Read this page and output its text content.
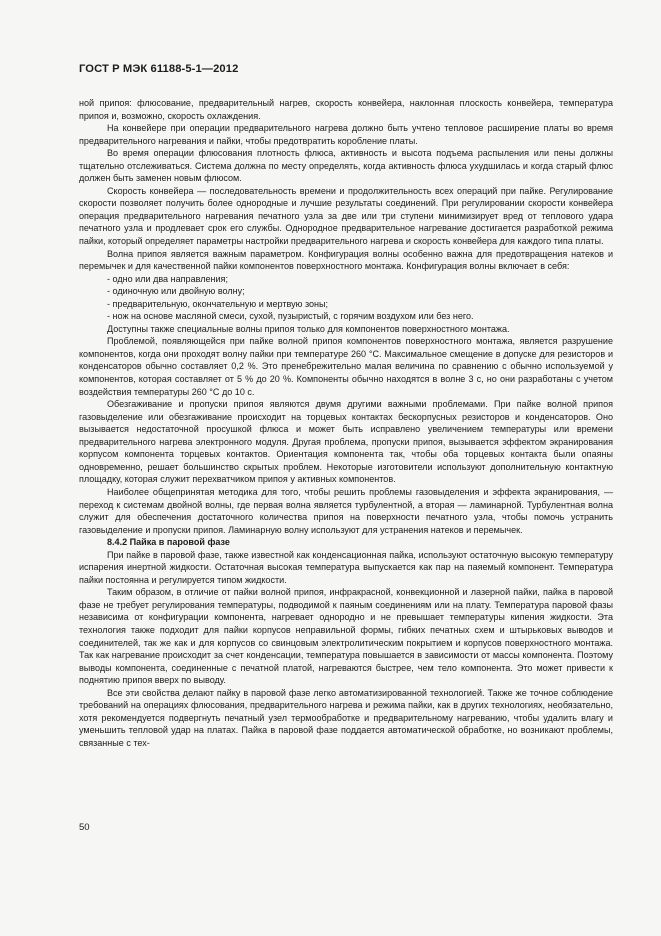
ГОСТ Р МЭК 61188-5-1—2012

ной припоя: флюсование, предварительный нагрев, скорость конвейера, наклонная плоскость конвейера, температура припоя и, возможно, скорость охлаждения.

На конвейере при операции предварительного нагрева должно быть учтено тепловое расширение платы во время предварительного нагревания и пайки, чтобы предотвратить коробление платы.

Во время операции флюсования плотность флюса, активность и высота подъема распыления или пены должны тщательно отслеживаться. Система должна по месту определять, когда активность флюса ухудшилась и когда старый флюс должен быть заменен новым флюсом.

Скорость конвейера — последовательность времени и продолжительность всех операций при пайке. Регулирование скорости позволяет получить более однородные и лучшие результаты соединений. При регулировании скорости конвейера операция предварительного нагревания печатного узла за две или три ступени минимизирует вред от теплового удара печатного узла и продлевает срок его службы. Однородное предварительное нагревание достигается разработкой режима пайки, который определяет параметры настройки предварительного нагрева и скорость конвейера для каждого типа платы.

Волна припоя является важным параметром. Конфигурация волны особенно важна для предотвращения натеков и перемычек и для качественной пайки компонентов поверхностного монтажа. Конфигурация волны включает в себя:

- одно или два направления;

- одиночную или двойную волну;

- предварительную, окончательную и мертвую зоны;

- нож на основе масляной смеси, сухой, пузыристый, с горячим воздухом или без него.

Доступны также специальные волны припоя только для компонентов поверхностного монтажа.

Проблемой, появляющейся при пайке волной припоя компонентов поверхностного монтажа, является разрушение компонентов, когда они проходят волну пайки при температуре 260 °С. Максимальное смещение в допуске для резисторов и конденсаторов обычно составляет 0,2 %. Это пренебрежительно малая величина по сравнению с обычно используемой у компонентов, которая составляет от 5 % до 20 %. Компоненты обычно находятся в волне 3 с, но они разработаны с учетом воздействия температуры 260 °С до 10 с.

Обезгаживание и пропуски припоя являются двумя другими важными проблемами. При пайке волной припоя газовыделение или обезгаживание происходит на торцевых контактах бескорпусных резисторов и конденсаторов. Оно вызывается недостаточной просушкой флюса и может быть исправлено увеличением температуры или времени предварительного нагрева электронного модуля. Другая проблема, пропуски припоя, вызывается эффектом экранирования корпусом компонента торцевых контактов. Ориентация компонента так, чтобы оба торцевых контакта были опаяны одновременно, решает большинство скрытых проблем. Некоторые изготовители используют дополнительную контактную площадку, которая служит перехватчиком припоя у активных компонентов.

Наиболее общепринятая методика для того, чтобы решить проблемы газовыделения и эффекта экранирования, — переход к системам двойной волны, где первая волна является турбулентной, а вторая — ламинарной. Турбулентная волна служит для обеспечения достаточного количества припоя на поверхности печатного узла, чтобы помочь устранить газовыделение и пропуски припоя. Ламинарную волну используют для устранения натеков и перемычек.

8.4.2 Пайка в паровой фазе

При пайке в паровой фазе, также известной как конденсационная пайка, используют остаточную высокую температуру испарения инертной жидкости. Остаточная высокая температура выпускается как пар на паяемый компонент. Температура пайки постоянна и регулируется типом жидкости.

Таким образом, в отличие от пайки волной припоя, инфракрасной, конвекционной и лазерной пайки, пайка в паровой фазе не требует регулирования температуры, подводимой к паяным соединениям или на плату. Температура паровой фазы независима от конфигурации компонента, нагревает однородно и не превышает температуры кипения жидкости. Эта технология также подходит для пайки корпусов неправильной формы, гибких печатных схем и штырьковых выводов и соединителей, так же как и для корпусов со свинцовым электролитическим покрытием и корпусов поверхностного монтажа. Так как нагревание происходит за счет конденсации, температура повышается в зависимости от массы компонента. Поэтому выводы компонента, соединенные с печатной платой, нагреваются быстрее, чем тело компонента. Это может привести к поднятию припоя вверх по выводу.

Все эти свойства делают пайку в паровой фазе легко автоматизированной технологией. Также же точное соблюдение требований на операциях флюсования, предварительного нагрева и режима пайки, как в других технологиях, необязательно, хотя рекомендуется подвергнуть печатный узел термообработке и предварительному нагреванию, чтобы удалить влагу и уменьшить тепловой удар на платах. Пайка в паровой фазе поддается автоматической обработке, но возникают проблемы, связанные с тех-

50
